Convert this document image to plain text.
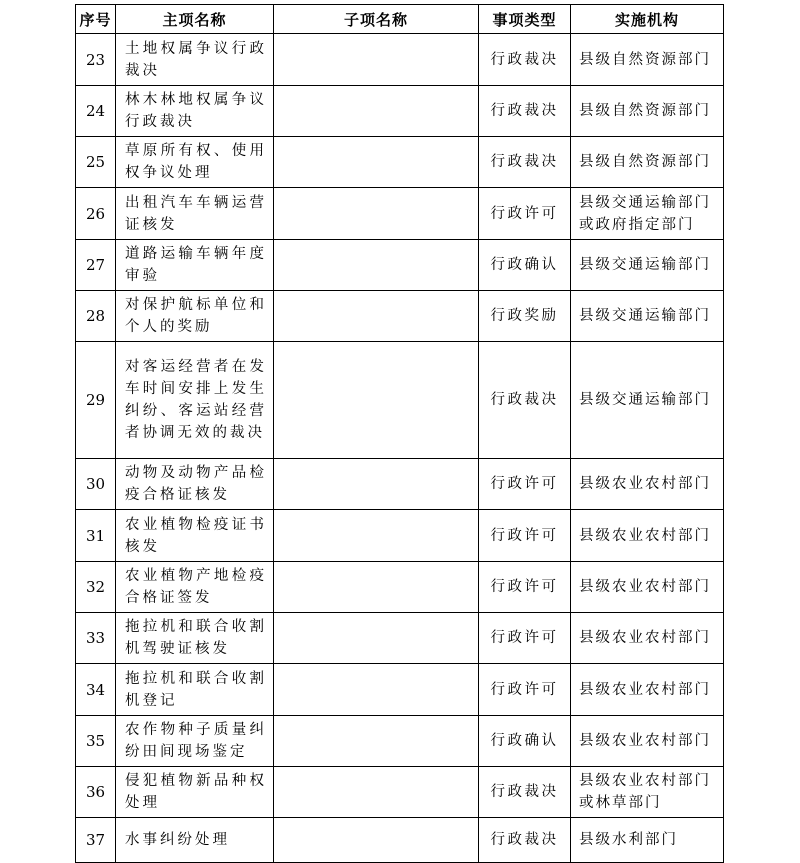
序号	主项名称	子项名称	事项类型	实施机构
23	土地权属争议行政裁决		行政裁决	县级自然资源部门
24	林木林地权属争议行政裁决		行政裁决	县级自然资源部门
25	草原所有权、使用权争议处理		行政裁决	县级自然资源部门
26	出租汽车车辆运营证核发		行政许可	县级交通运输部门或政府指定部门
27	道路运输车辆年度审验		行政确认	县级交通运输部门
28	对保护航标单位和个人的奖励		行政奖励	县级交通运输部门
29	对客运经营者在发车时间安排上发生纠纷、客运站经营者协调无效的裁决		行政裁决	县级交通运输部门
30	动物及动物产品检疫合格证核发		行政许可	县级农业农村部门
31	农业植物检疫证书核发		行政许可	县级农业农村部门
32	农业植物产地检疫合格证签发		行政许可	县级农业农村部门
33	拖拉机和联合收割机驾驶证核发		行政许可	县级农业农村部门
34	拖拉机和联合收割机登记		行政许可	县级农业农村部门
35	农作物种子质量纠纷田间现场鉴定		行政确认	县级农业农村部门
36	侵犯植物新品种权处理		行政裁决	县级农业农村部门或林草部门
37	水事纠纷处理		行政裁决	县级水利部门
